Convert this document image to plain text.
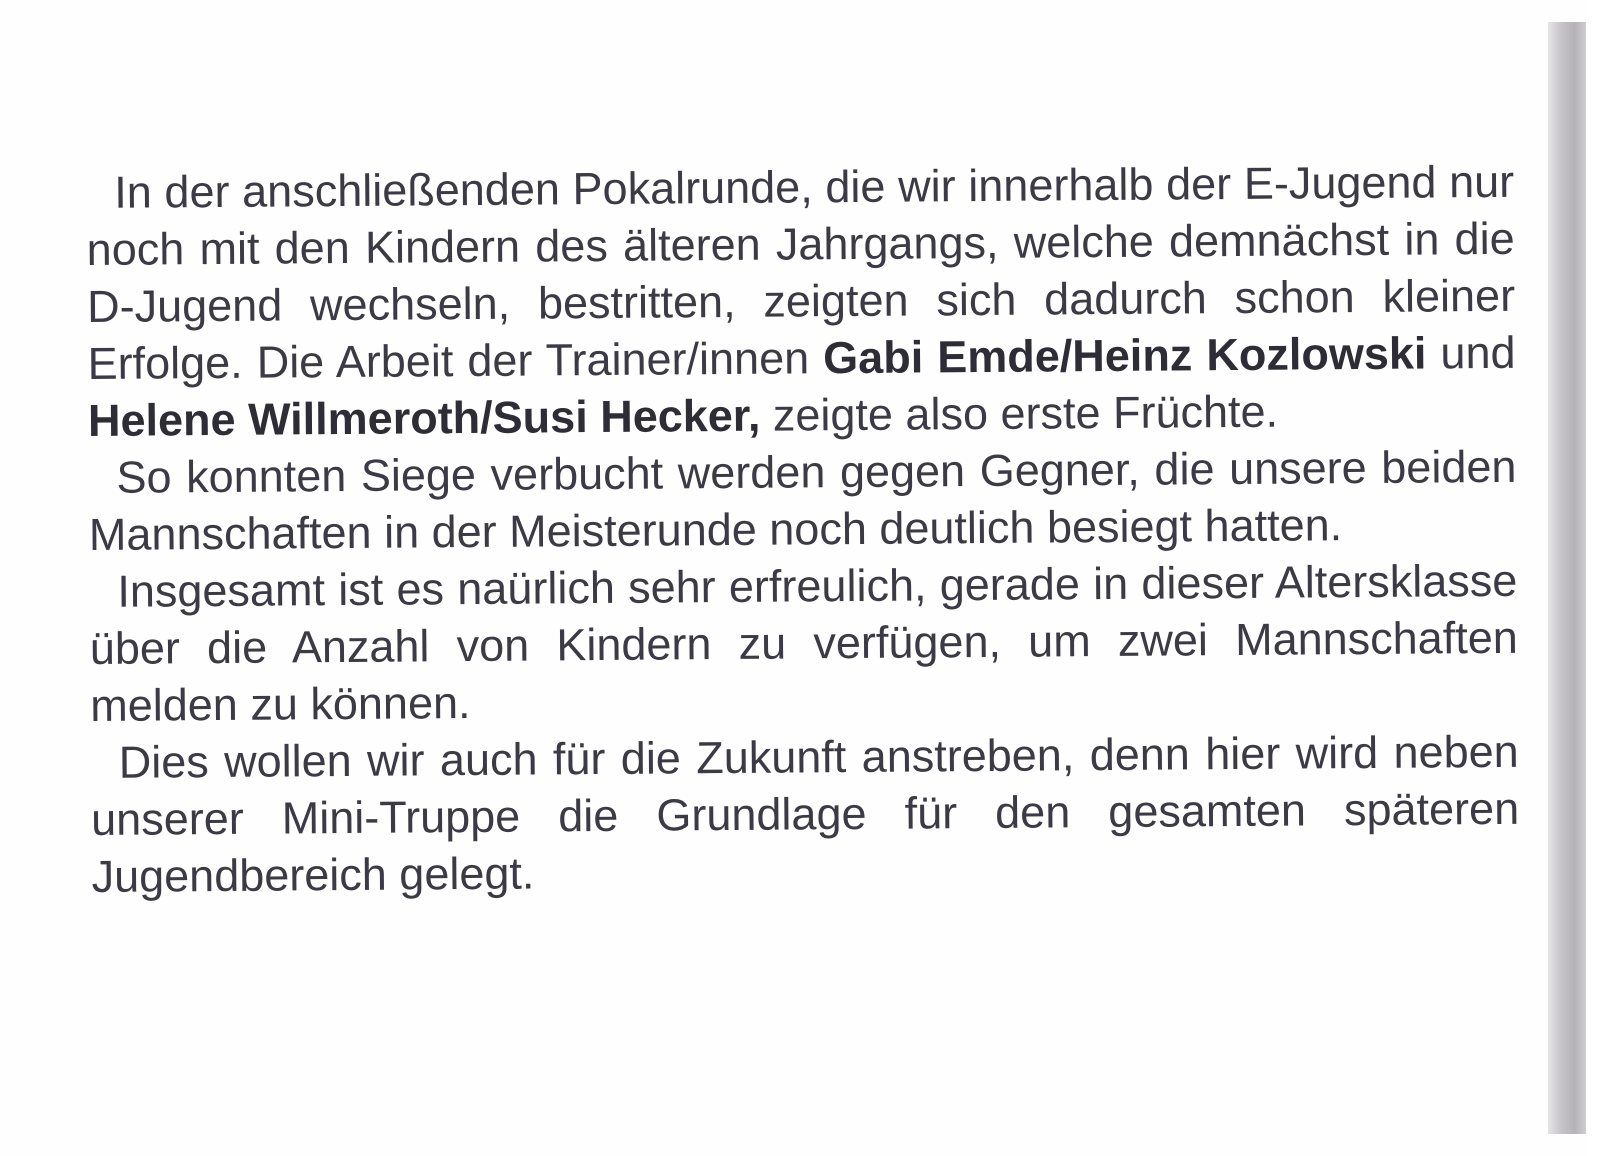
In der anschließenden Pokalrunde, die wir innerhalb der E-Jugend nur noch mit den Kindern des älteren Jahrgangs, welche demnächst in die D-Jugend wechseln, bestritten, zeigten sich dadurch schon kleiner Erfolge. Die Arbeit der Trainer/innen Gabi Emde/Heinz Kozlowski und Helene Willmeroth/Susi Hecker, zeigte also erste Früchte.

So konnten Siege verbucht werden gegen Gegner, die unsere beiden Mannschaften in der Meisterunde noch deutlich besiegt hatten.

Insgesamt ist es naürlich sehr erfreulich, gerade in dieser Altersklasse über die Anzahl von Kindern zu verfügen, um zwei Mannschaften melden zu können.

Dies wollen wir auch für die Zukunft anstreben, denn hier wird neben unserer Mini-Truppe die Grundlage für den gesamten späteren Jugendbereich gelegt.
